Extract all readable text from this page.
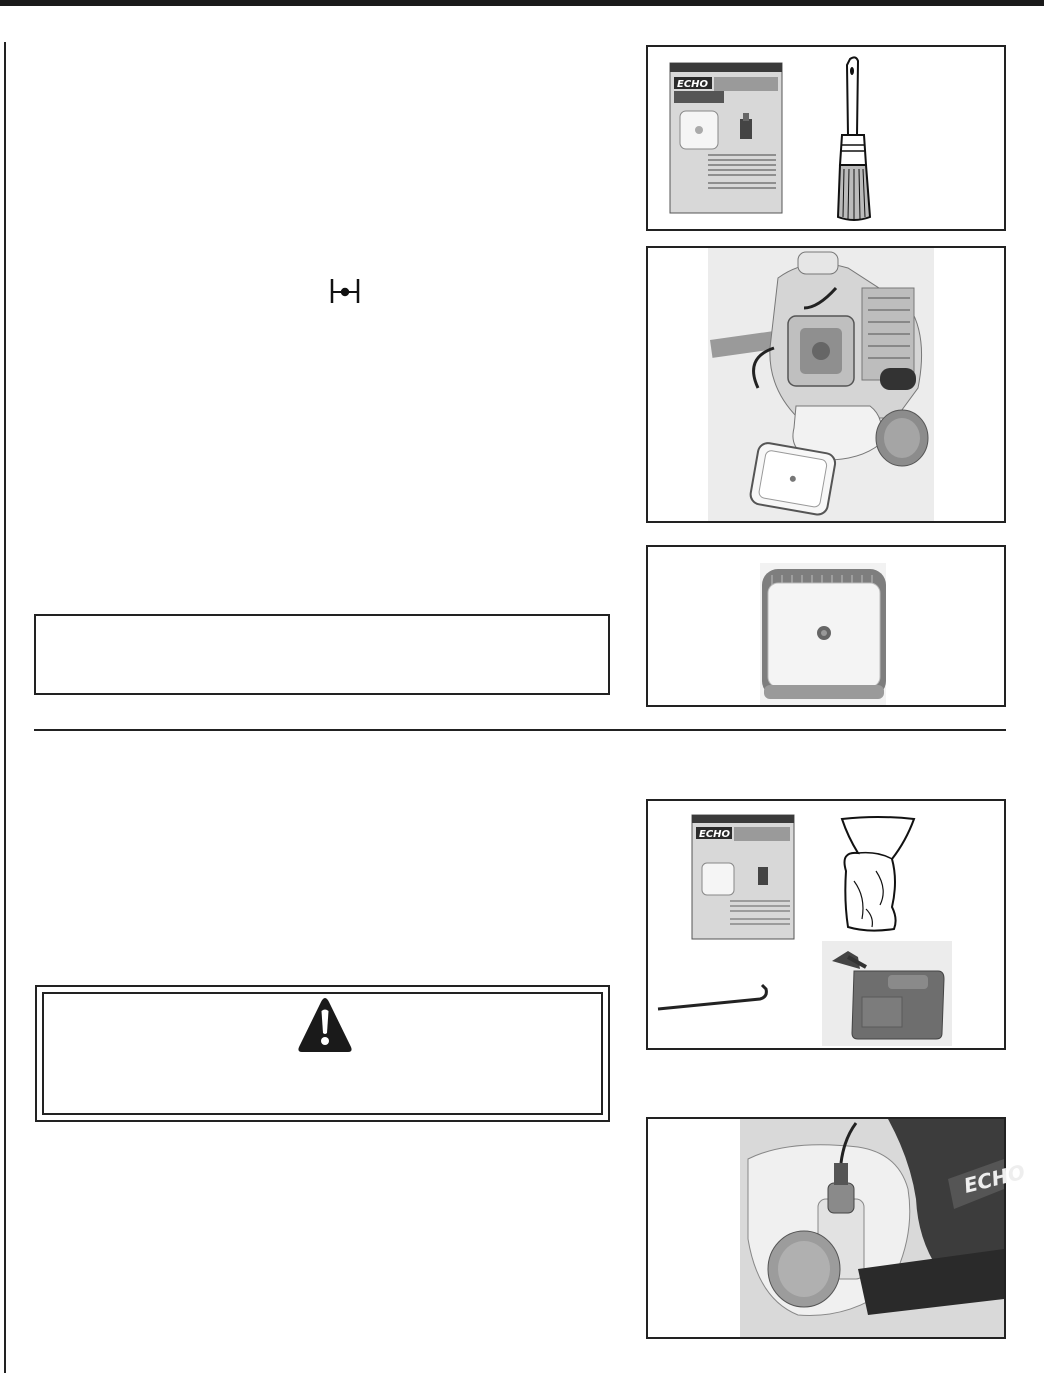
ECHO
ECHO
ECHO
